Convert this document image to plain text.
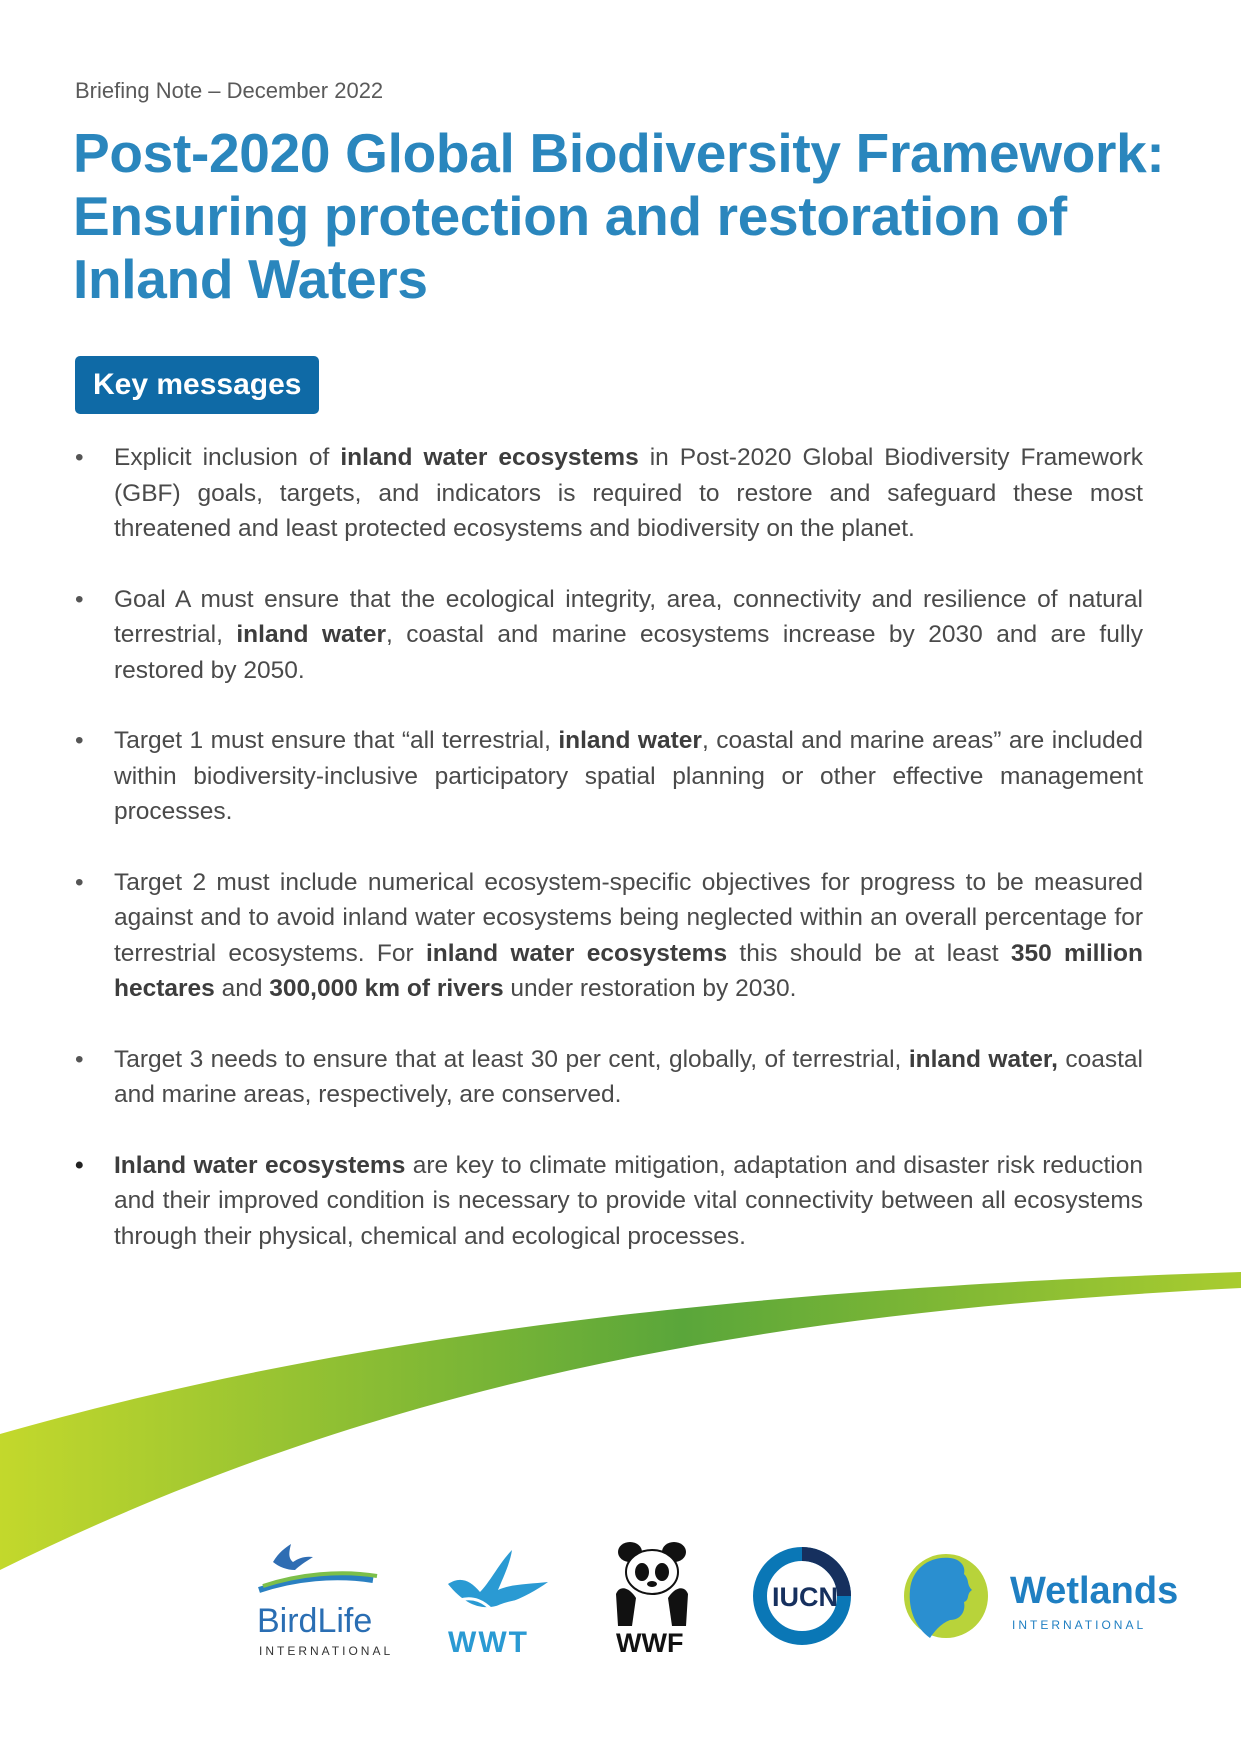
Briefing Note – December 2022
Post-2020 Global Biodiversity Framework: Ensuring protection and restoration of Inland Waters
Key messages
•	Explicit inclusion of inland water ecosystems in Post-2020 Global Biodiversity Framework (GBF) goals, targets, and indicators is required to restore and safeguard these most threatened and least protected ecosystems and biodiversity on the planet.
•	Goal A must ensure that the ecological integrity, area, connectivity and resilience of natural terrestrial, inland water, coastal and marine ecosystems increase by 2030 and are fully restored by 2050.
•	Target 1 must ensure that “all terrestrial, inland water, coastal and marine areas” are included within biodiversity-inclusive participatory spatial planning or other effective management processes.
•	Target 2 must include numerical ecosystem-specific objectives for progress to be measured against and to avoid inland water ecosystems being neglected within an overall percentage for terrestrial ecosystems. For inland water ecosystems this should be at least 350 million hectares and 300,000 km of rivers under restoration by 2030.
•	Target 3 needs to ensure that at least 30 per cent, globally, of terrestrial, inland water, coastal and marine areas, respectively, are conserved.
•	Inland water ecosystems are key to climate mitigation, adaptation and disaster risk reduction and their improved condition is necessary to provide vital connectivity between all ecosystems through their physical, chemical and ecological processes.
BirdLife
INTERNATIONAL WWT	WWF
IUCN	Wetlands
INTERNATIONAL
